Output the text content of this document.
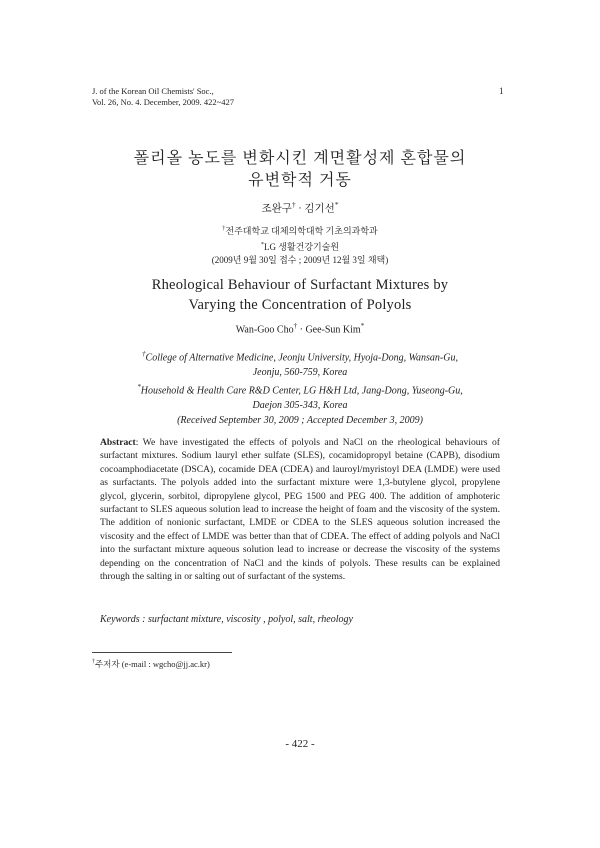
J. of the Korean Oil Chemists' Soc.,
Vol. 26, No. 4. December, 2009. 422~427
1
폴리올 농도를 변화시킨 계면활성제 혼합물의
유변학적 거동
조완구† · 김기선*
†전주대학교 대체의학대학 기초의과학과
*LG 생활건강기술원
(2009년 9월 30일 접수 ; 2009년 12월 3일 채택)
Rheological Behaviour of Surfactant Mixtures by
Varying the Concentration of Polyols
Wan-Goo Cho† · Gee-Sun Kim*
†College of Alternative Medicine, Jeonju University, Hyoja-Dong, Wansan-Gu,
Jeonju, 560-759, Korea
*Household & Health Care R&D Center, LG H&H Ltd, Jang-Dong, Yuseong-Gu,
Daejon 305-343, Korea
(Received September 30, 2009 ; Accepted December 3, 2009)
Abstract: We have investigated the effects of polyols and NaCl on the rheological behaviours of surfactant mixtures. Sodium lauryl ether sulfate (SLES), cocamidopropyl betaine (CAPB), disodium cocoamphodiacetate (DSCA), cocamide DEA (CDEA) and lauroyl/myristoyl DEA (LMDE) were used as surfactants. The polyols added into the surfactant mixture were 1,3-butylene glycol, propylene glycol, glycerin, sorbitol, dipropylene glycol, PEG 1500 and PEG 400. The addition of amphoteric surfactant to SLES aqueous solution lead to increase the height of foam and the viscosity of the system. The addition of nonionic surfactant, LMDE or CDEA to the SLES aqueous solution increased the viscosity and the effect of LMDE was better than that of CDEA. The effect of adding polyols and NaCl into the surfactant mixture aqueous solution lead to increase or decrease the viscosity of the systems depending on the concentration of NaCl and the kinds of polyols. These results can be explained through the salting in or salting out of surfactant of the systems.
Keywords : surfactant mixture, viscosity , polyol, salt, rheology
†주저자 (e-mail : wgcho@jj.ac.kr)
- 422 -
